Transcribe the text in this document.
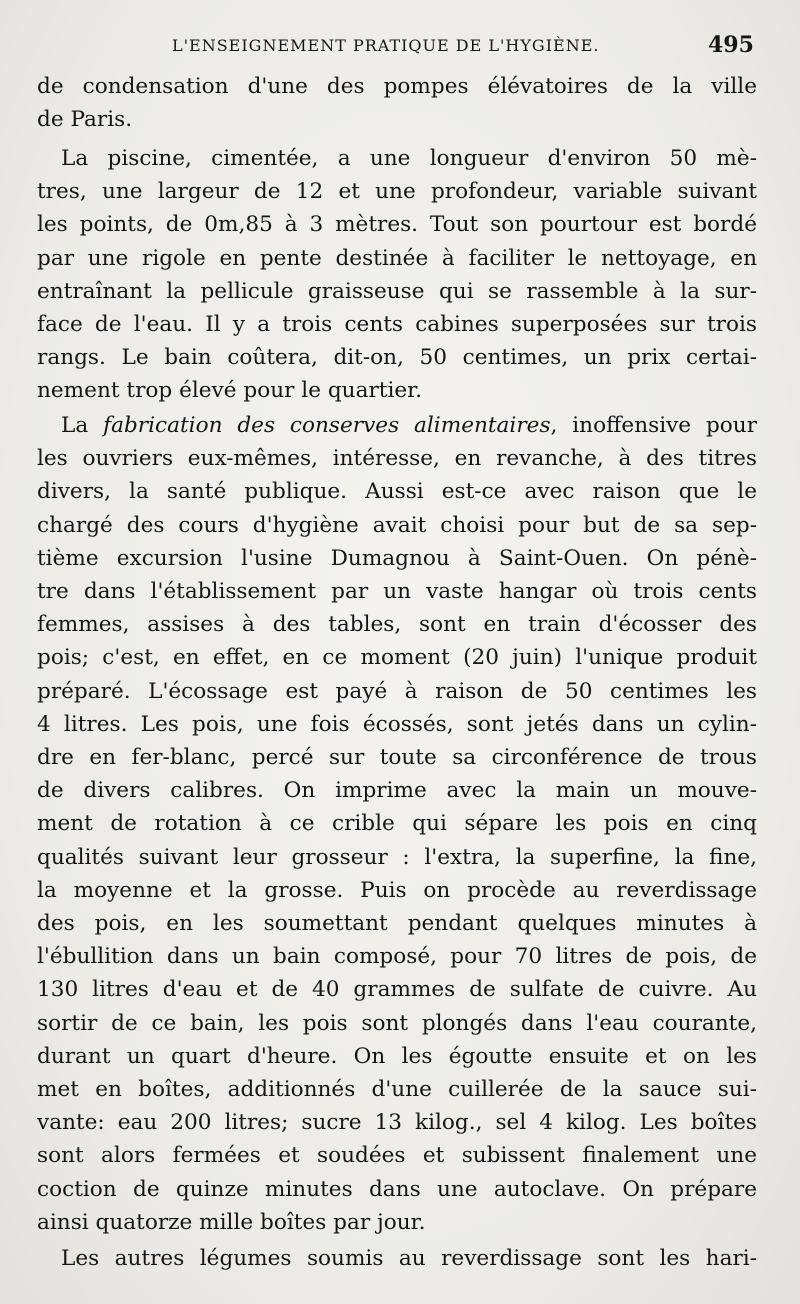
L'ENSEIGNEMENT PRATIQUE DE L'HYGIÈNE.	495
de condensation d'une des pompes élévatoires de la ville
de Paris.
La piscine, cimentée, a une longueur d'environ 50 mè-
tres, une largeur de 12 et une profondeur, variable suivant
les points, de 0m,85 à 3 mètres. Tout son pourtour est bordé
par une rigole en pente destinée à faciliter le nettoyage, en
entraînant la pellicule graisseuse qui se rassemble à la sur-
face de l'eau. Il y a trois cents cabines superposées sur trois
rangs. Le bain coûtera, dit-on, 50 centimes, un prix certai-
nement trop élevé pour le quartier.
La fabrication des conserves alimentaires, inoffensive pour
les ouvriers eux-mêmes, intéresse, en revanche, à des titres
divers, la santé publique. Aussi est-ce avec raison que le
chargé des cours d'hygiène avait choisi pour but de sa sep-
tième excursion l'usine Dumagnou à Saint-Ouen. On pénè-
tre dans l'établissement par un vaste hangar où trois cents
femmes, assises à des tables, sont en train d'écosser des
pois; c'est, en effet, en ce moment (20 juin) l'unique produit
préparé. L'écossage est payé à raison de 50 centimes les
4 litres. Les pois, une fois écossés, sont jetés dans un cylin-
dre en fer-blanc, percé sur toute sa circonférence de trous
de divers calibres. On imprime avec la main un mouve-
ment de rotation à ce crible qui sépare les pois en cinq
qualités suivant leur grosseur : l'extra, la superfine, la fine,
la moyenne et la grosse. Puis on procède au reverdissage
des pois, en les soumettant pendant quelques minutes à
l'ébullition dans un bain composé, pour 70 litres de pois, de
130 litres d'eau et de 40 grammes de sulfate de cuivre. Au
sortir de ce bain, les pois sont plongés dans l'eau courante,
durant un quart d'heure. On les égoutte ensuite et on les
met en boîtes, additionnés d'une cuillerée de la sauce sui-
vante: eau 200 litres; sucre 13 kilog., sel 4 kilog. Les boîtes
sont alors fermées et soudées et subissent finalement une
coction de quinze minutes dans une autoclave. On prépare
ainsi quatorze mille boîtes par jour.
Les autres légumes soumis au reverdissage sont les hari-
